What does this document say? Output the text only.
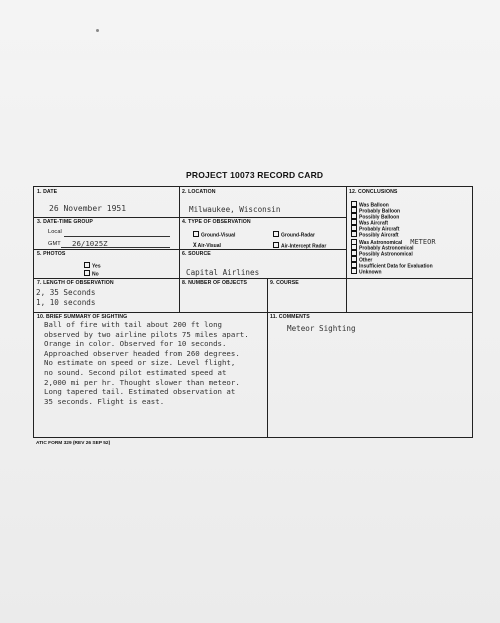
PROJECT 10073 RECORD CARD
1. DATE
26 November 1951
2. LOCATION
Milwaukee, Wisconsin
3. DATE-TIME GROUP
Local
GMT 26/1025Z
4. TYPE OF OBSERVATION
Ground-Visual	Ground-Radar
XAir-Visual	Air-Intercept Radar
5. PHOTOS
Yes
No
6. SOURCE
Capital Airlines
7. LENGTH OF OBSERVATION
2, 35 Seconds
1, 10 seconds
8. NUMBER OF OBJECTS	9. COURSE
12. CONCLUSIONS
Was Balloon
Probably Balloon
Possibly Balloon
Was Aircraft
Probably Aircraft
Possibly Aircraft
Was Astronomical METEOR
Probably Astronomical
Possibly Astronomical
Other
Insufficient Data for Evaluation
Unknown
10. BRIEF SUMMARY OF SIGHTING
Ball of fire with tail about 200 ft long
observed by two airline pilots 75 miles apart.
Orange in color. Observed for 10 seconds.
Approached observer headed from 260 degrees.
No estimate on speed or size. Level flight,
no sound. Second pilot estimated speed at
2,000 mi per hr. Thought slower than meteor.
Long tapered tail. Estimated observation at
35 seconds. Flight is east.
11. COMMENTS
Meteor Sighting
ATIC FORM 329 (REV 26 SEP 52)
